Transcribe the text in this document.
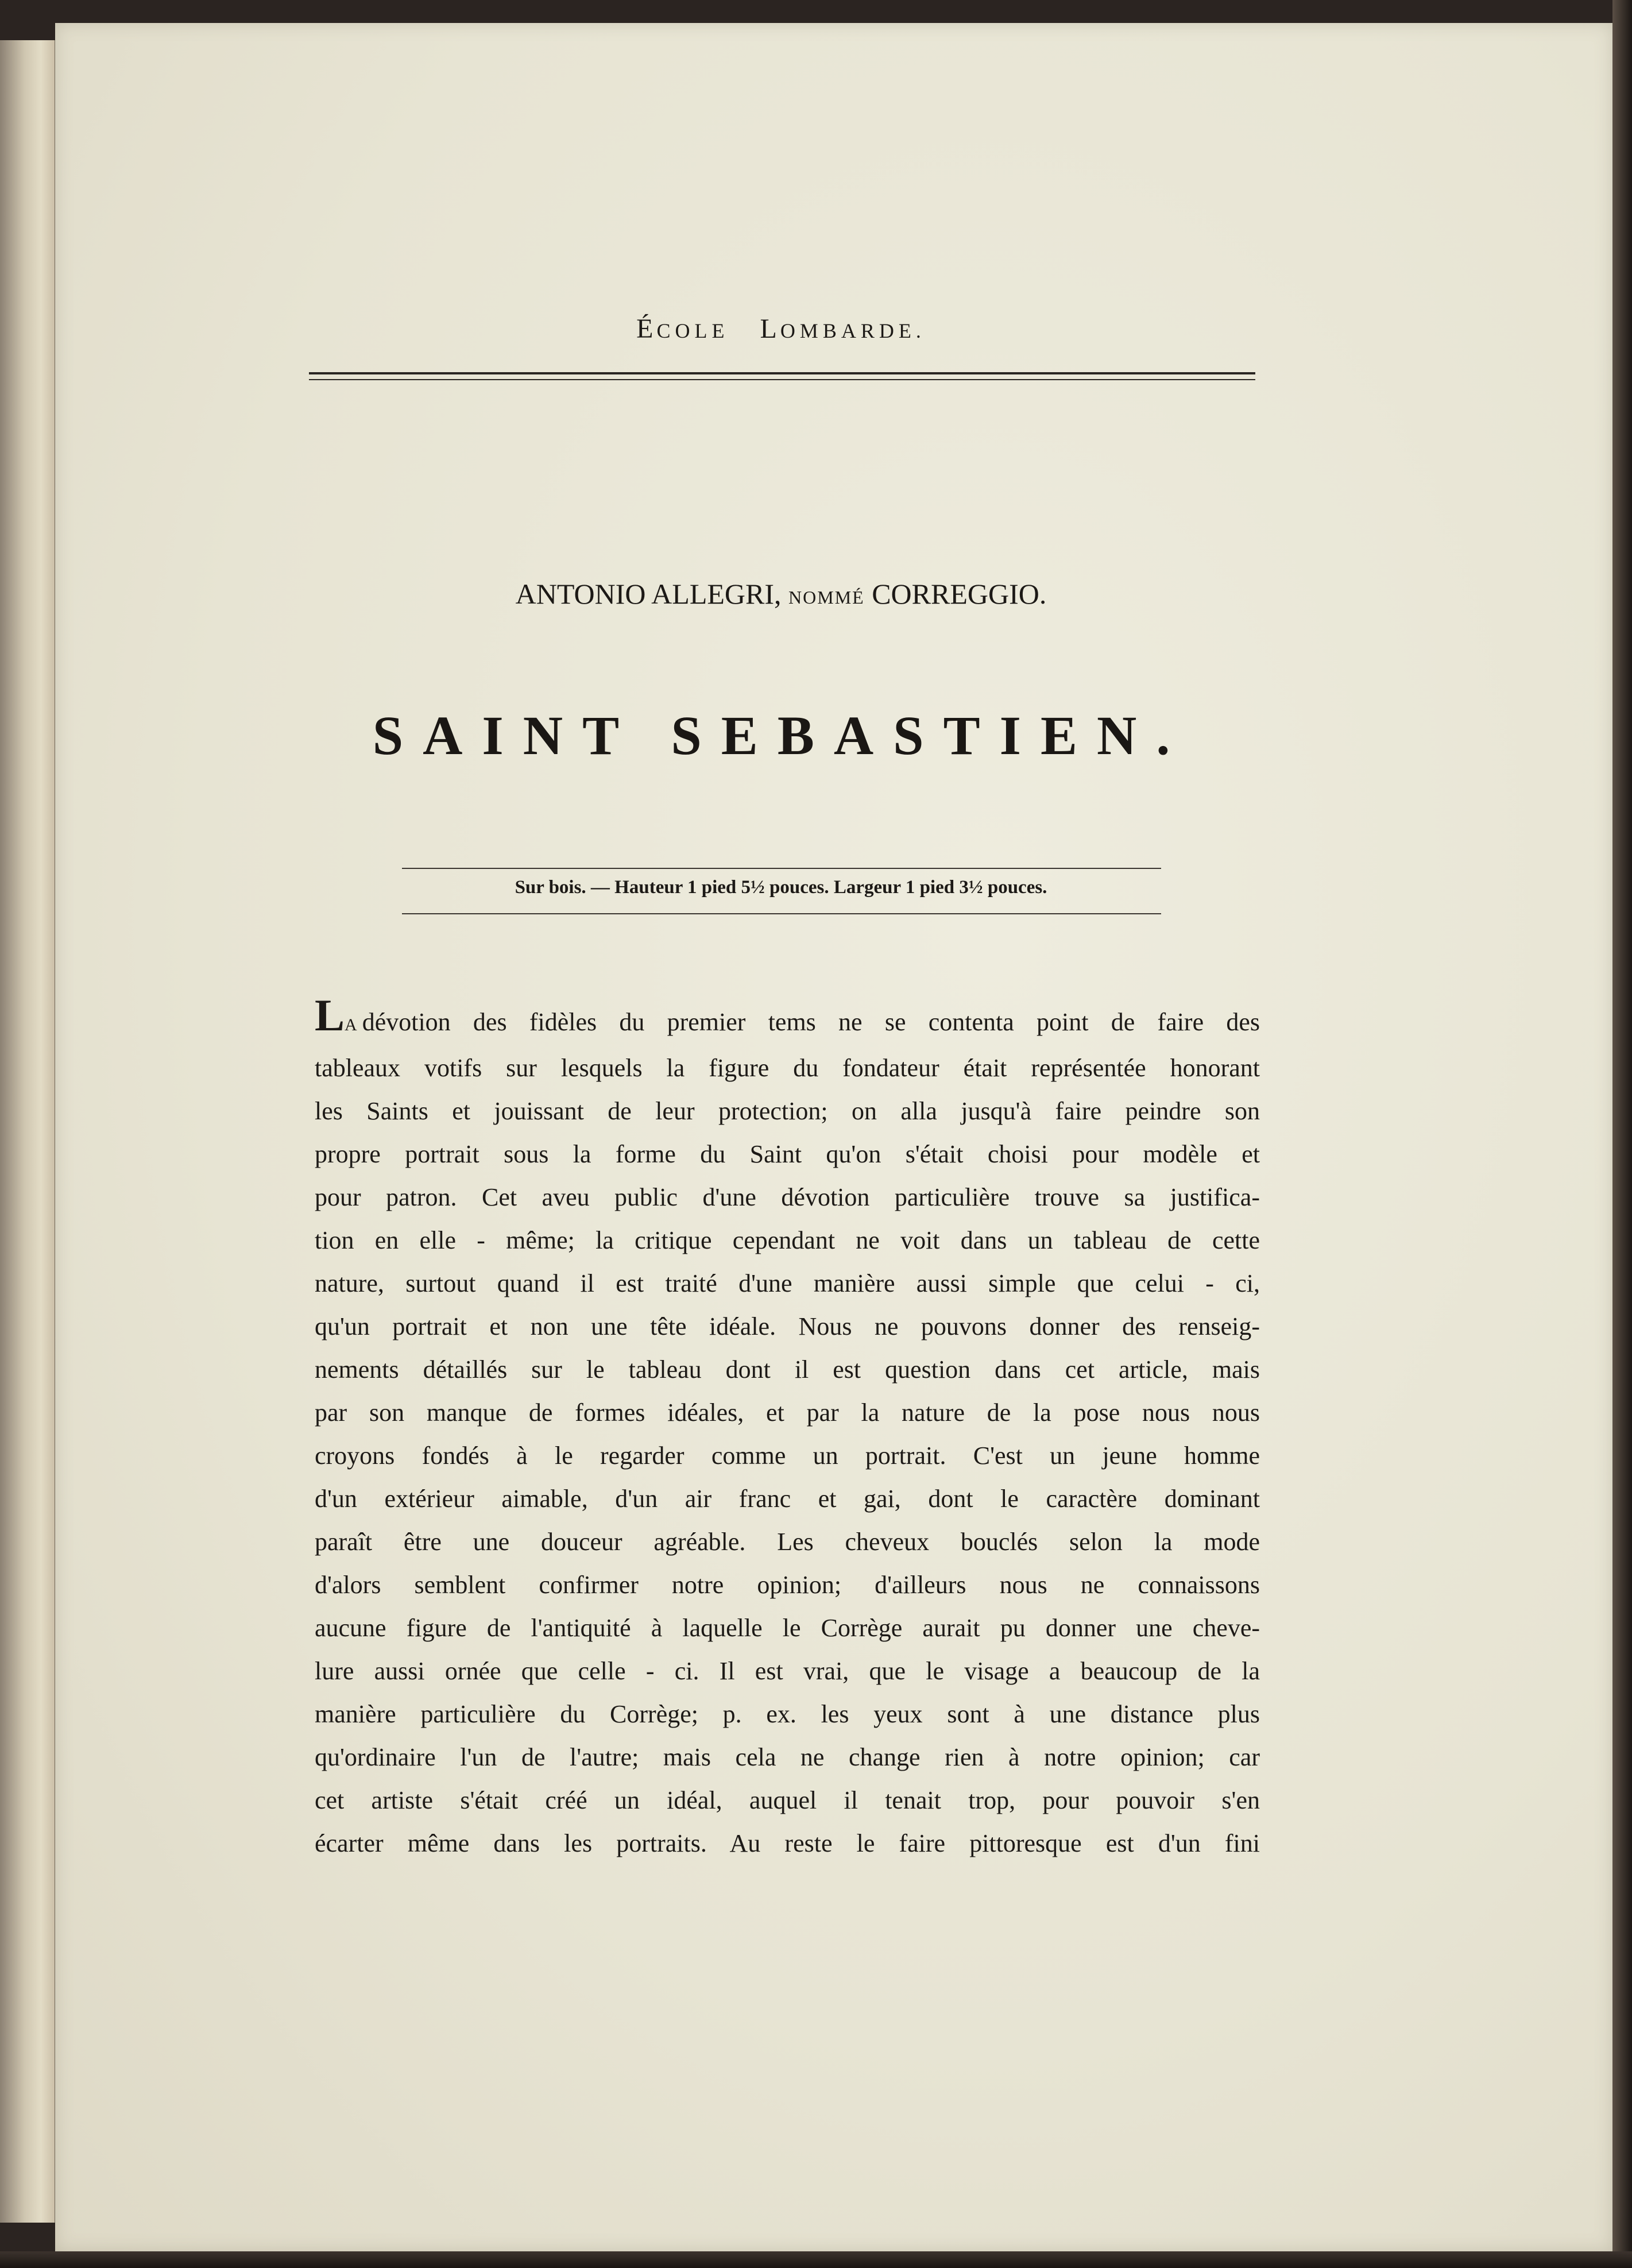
ÉCOLE LOMBARDE.
ANTONIO ALLEGRI, NOMMÉ CORREGGIO.
SAINT SEBASTIEN.
Sur bois. — Hauteur 1 pied 5½ pouces. Largeur 1 pied 3½ pouces.
LA dévotion des fidèles du premier tems ne se contenta point de faire des
tableaux votifs sur lesquels la figure du fondateur était représentée honorant
les Saints et jouissant de leur protection; on alla jusqu'à faire peindre son
propre portrait sous la forme du Saint qu'on s'était choisi pour modèle et
pour patron. Cet aveu public d'une dévotion particulière trouve sa justifica-
tion en elle - même; la critique cependant ne voit dans un tableau de cette
nature, surtout quand il est traité d'une manière aussi simple que celui - ci,
qu'un portrait et non une tête idéale. Nous ne pouvons donner des renseig-
nements détaillés sur le tableau dont il est question dans cet article, mais
par son manque de formes idéales, et par la nature de la pose nous nous
croyons fondés à le regarder comme un portrait. C'est un jeune homme
d'un extérieur aimable, d'un air franc et gai, dont le caractère dominant
paraît être une douceur agréable. Les cheveux bouclés selon la mode
d'alors semblent confirmer notre opinion; d'ailleurs nous ne connaissons
aucune figure de l'antiquité à laquelle le Corrège aurait pu donner une cheve-
lure aussi ornée que celle - ci. Il est vrai, que le visage a beaucoup de la
manière particulière du Corrège; p. ex. les yeux sont à une distance plus
qu'ordinaire l'un de l'autre; mais cela ne change rien à notre opinion; car
cet artiste s'était créé un idéal, auquel il tenait trop, pour pouvoir s'en
écarter même dans les portraits. Au reste le faire pittoresque est d'un fini
